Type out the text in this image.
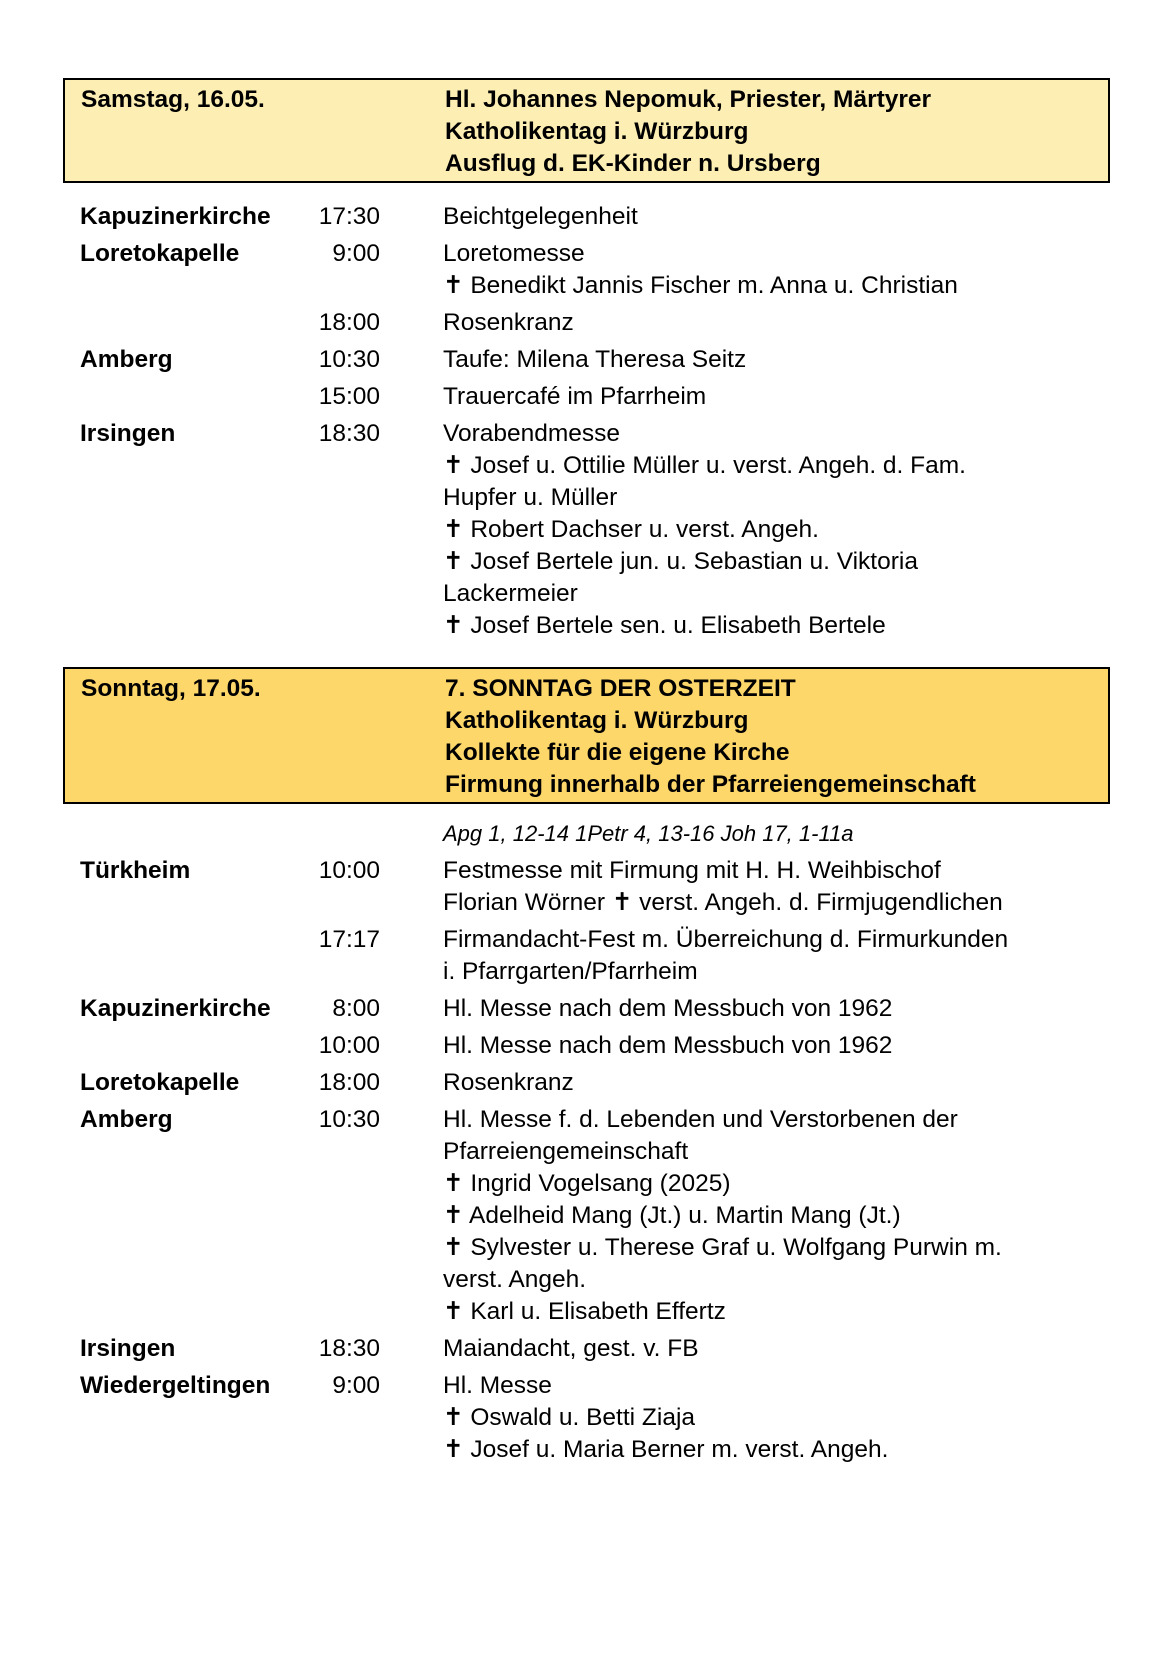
Samstag, 16.05.	Hl. Johannes Nepomuk, Priester, Märtyrer
Katholikentag i. Würzburg
Ausflug d. EK-Kinder n. Ursberg
Kapuzinerkirche	17:30	Beichtgelegenheit
Loretokapelle	9:00	Loretomesse
✝ Benedikt Jannis Fischer m. Anna u. Christian
18:00	Rosenkranz
Amberg	10:30	Taufe: Milena Theresa Seitz
15:00	Trauercafé im Pfarrheim
Irsingen	18:30	Vorabendmesse
✝ Josef u. Ottilie Müller u. verst. Angeh. d. Fam.
Hupfer u. Müller
✝ Robert Dachser u. verst. Angeh.
✝ Josef Bertele jun. u. Sebastian u. Viktoria
Lackermeier
✝ Josef Bertele sen. u. Elisabeth Bertele
Sonntag, 17.05.	7. SONNTAG DER OSTERZEIT
Katholikentag i. Würzburg
Kollekte für die eigene Kirche
Firmung innerhalb der Pfarreiengemeinschaft
Apg 1, 12-14 1Petr 4, 13-16 Joh 17, 1-11a
Türkheim	10:00	Festmesse mit Firmung mit H. H. Weihbischof
Florian Wörner ✝ verst. Angeh. d. Firmjugendlichen
17:17	Firmandacht-Fest m. Überreichung d. Firmurkunden
i. Pfarrgarten/Pfarrheim
Kapuzinerkirche	8:00	Hl. Messe nach dem Messbuch von 1962
10:00	Hl. Messe nach dem Messbuch von 1962
Loretokapelle	18:00	Rosenkranz
Amberg	10:30	Hl. Messe f. d. Lebenden und Verstorbenen der
Pfarreiengemeinschaft
✝ Ingrid Vogelsang (2025)
✝ Adelheid Mang (Jt.) u. Martin Mang (Jt.)
✝ Sylvester u. Therese Graf u. Wolfgang Purwin m.
verst. Angeh.
✝ Karl u. Elisabeth Effertz
Irsingen	18:30	Maiandacht, gest. v. FB
Wiedergeltingen	9:00	Hl. Messe
✝ Oswald u. Betti Ziaja
✝ Josef u. Maria Berner m. verst. Angeh.
